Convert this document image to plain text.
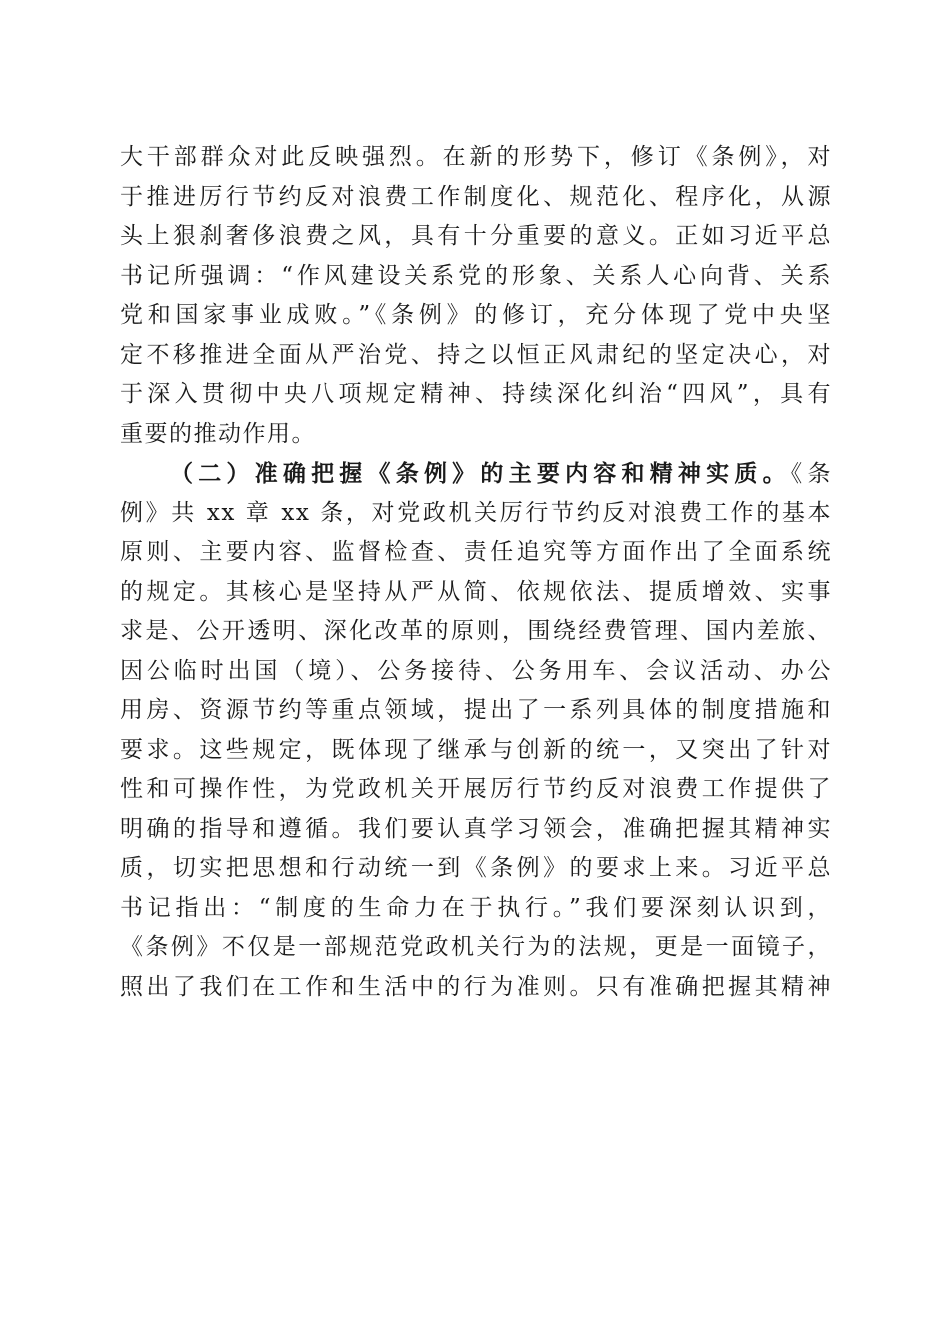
大干部群众对此反映强烈。在新的形势下，修订《条例》，对
于推进厉行节约反对浪费工作制度化、规范化、程序化，从源
头上狠刹奢侈浪费之风，具有十分重要的意义。正如习近平总
书记所强调：“作风建设关系党的形象、关系人心向背、关系
党和国家事业成败。”《条例》的修订，充分体现了党中央坚
定不移推进全面从严治党、持之以恒正风肃纪的坚定决心，对
于深入贯彻中央八项规定精神、持续深化纠治“四风”，具有
重要的推动作用。
（二）准确把握《条例》的主要内容和精神实质。《条
例》共 xx 章 xx 条，对党政机关厉行节约反对浪费工作的基本
原则、主要内容、监督检查、责任追究等方面作出了全面系统
的规定。其核心是坚持从严从简、依规依法、提质增效、实事
求是、公开透明、深化改革的原则，围绕经费管理、国内差旅、
因公临时出国（境）、公务接待、公务用车、会议活动、办公
用房、资源节约等重点领域，提出了一系列具体的制度措施和
要求。这些规定，既体现了继承与创新的统一，又突出了针对
性和可操作性，为党政机关开展厉行节约反对浪费工作提供了
明确的指导和遵循。我们要认真学习领会，准确把握其精神实
质，切实把思想和行动统一到《条例》的要求上来。习近平总
书记指出：“制度的生命力在于执行。”我们要深刻认识到，
《条例》不仅是一部规范党政机关行为的法规，更是一面镜子，
照出了我们在工作和生活中的行为准则。只有准确把握其精神
